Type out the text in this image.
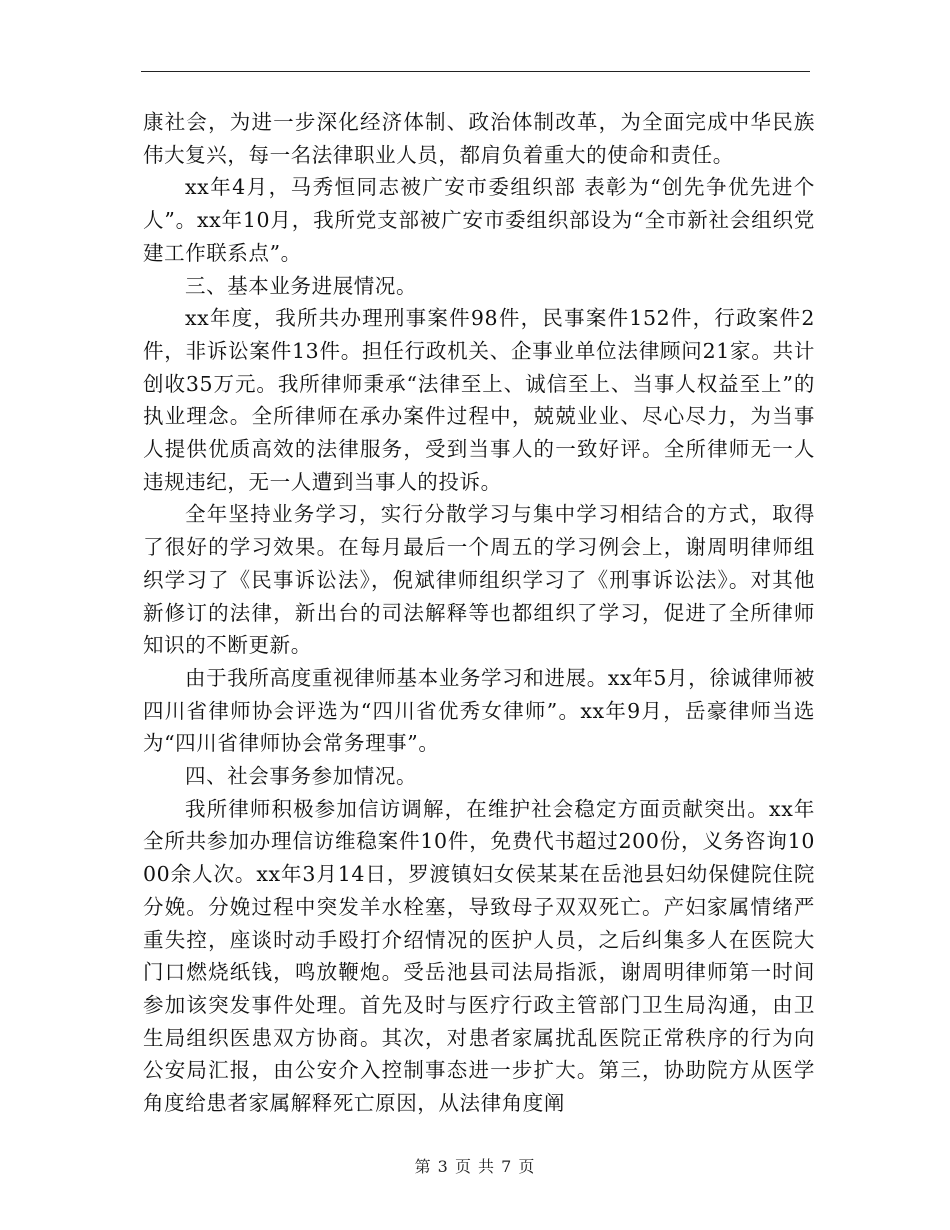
康社会，为进一步深化经济体制、政治体制改革，为全面完成中华民族伟大复兴，每一名法律职业人员，都肩负着重大的使命和责任。

xx年4月，马秀恒同志被广安市委组织部 表彰为“创先争优先进个人”。xx年10月，我所党支部被广安市委组织部设为“全市新社会组织党建工作联系点”。

三、基本业务进展情况。

xx年度，我所共办理刑事案件98件，民事案件152件，行政案件2件，非诉讼案件13件。担任行政机关、企事业单位法律顾问21家。共计创收35万元。我所律师秉承“法律至上、诚信至上、当事人权益至上”的执业理念。全所律师在承办案件过程中，兢兢业业、尽心尽力，为当事人提供优质高效的法律服务，受到当事人的一致好评。全所律师无一人违规违纪，无一人遭到当事人的投诉。

全年坚持业务学习，实行分散学习与集中学习相结合的方式，取得了很好的学习效果。在每月最后一个周五的学习例会上，谢周明律师组织学习了《民事诉讼法》，倪斌律师组织学习了《刑事诉讼法》。对其他新修订的法律，新出台的司法解释等也都组织了学习，促进了全所律师知识的不断更新。

由于我所高度重视律师基本业务学习和进展。xx年5月，徐诚律师被四川省律师协会评选为“四川省优秀女律师”。xx年9月，岳豪律师当选为“四川省律师协会常务理事”。

四、社会事务参加情况。

我所律师积极参加信访调解，在维护社会稳定方面贡献突出。xx年全所共参加办理信访维稳案件10件，免费代书超过200份，义务咨询1000余人次。xx年3月14日，罗渡镇妇女侯某某在岳池县妇幼保健院住院分娩。分娩过程中突发羊水栓塞，导致母子双双死亡。产妇家属情绪严重失控，座谈时动手殴打介绍情况的医护人员，之后纠集多人在医院大门口燃烧纸钱，鸣放鞭炮。受岳池县司法局指派，谢周明律师第一时间参加该突发事件处理。首先及时与医疗行政主管部门卫生局沟通，由卫生局组织医患双方协商。其次，对患者家属扰乱医院正常秩序的行为向公安局汇报，由公安介入控制事态进一步扩大。第三，协助院方从医学角度给患者家属解释死亡原因，从法律角度阐

第 3 页 共 7 页
